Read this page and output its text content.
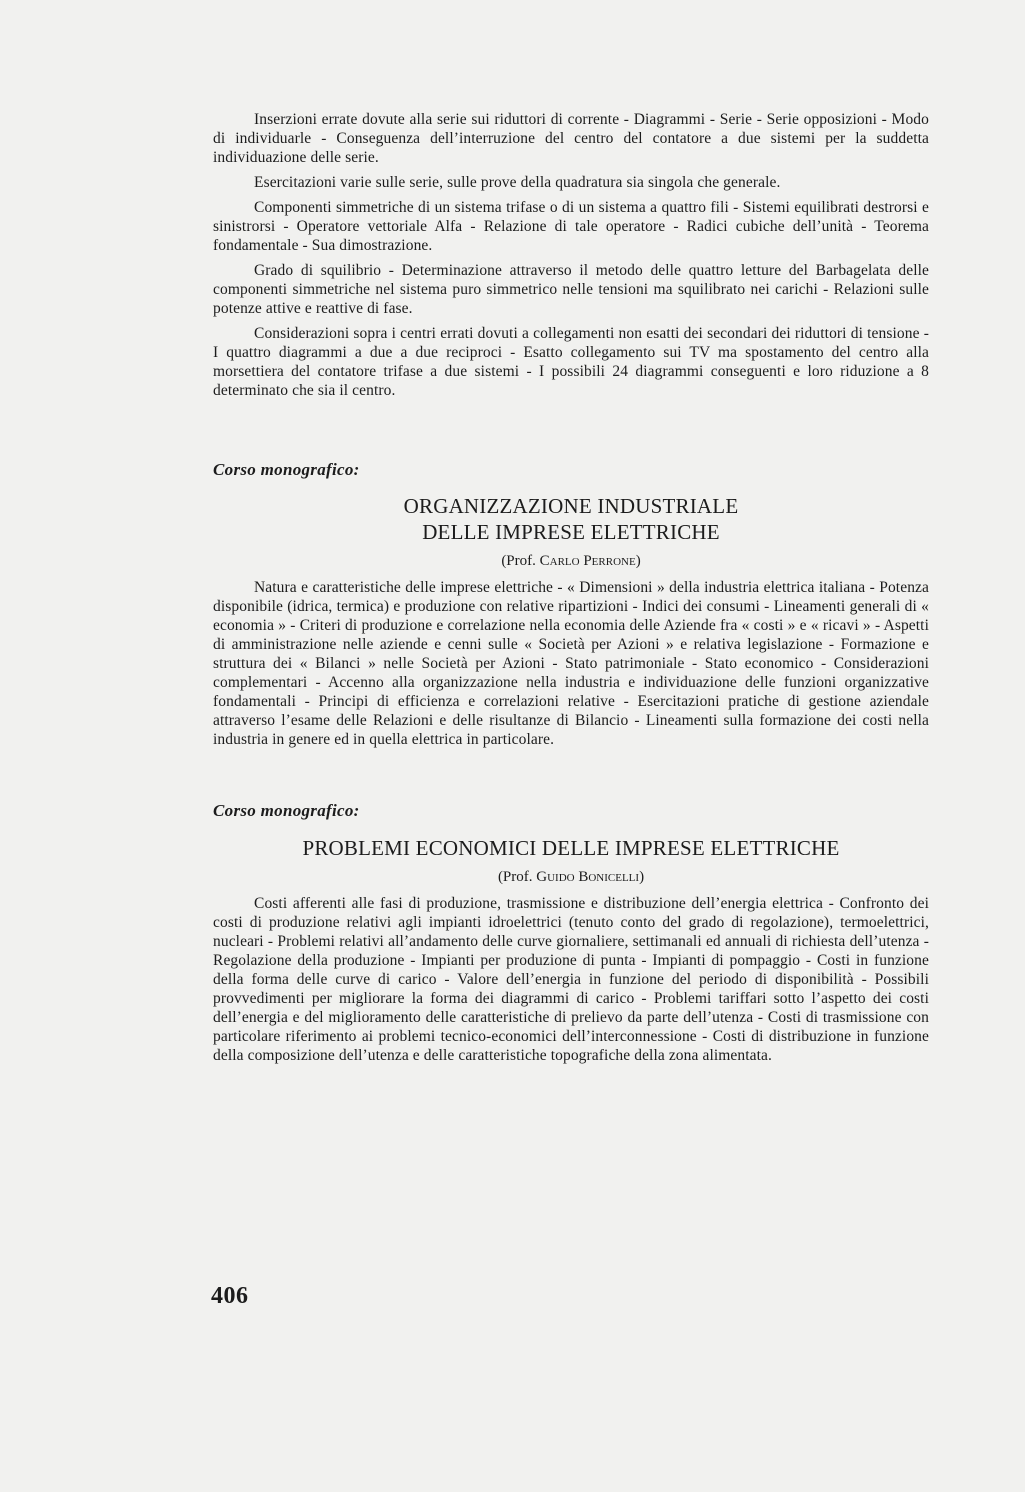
Inserzioni errate dovute alla serie sui riduttori di corrente - Diagrammi - Serie - Serie opposizioni - Modo di individuarle - Conseguenza dell’interruzione del centro del contatore a due sistemi per la suddetta individuazione delle serie.

Esercitazioni varie sulle serie, sulle prove della quadratura sia singola che generale.

Componenti simmetriche di un sistema trifase o di un sistema a quattro fili - Sistemi equilibrati destrorsi e sinistrorsi - Operatore vettoriale Alfa - Relazione di tale operatore - Radici cubiche dell’unità - Teorema fondamentale - Sua dimostrazione.

Grado di squilibrio - Determinazione attraverso il metodo delle quattro letture del Barbagelata delle componenti simmetriche nel sistema puro simmetrico nelle tensioni ma squilibrato nei carichi - Relazioni sulle potenze attive e reattive di fase.

Considerazioni sopra i centri errati dovuti a collegamenti non esatti dei secondari dei riduttori di tensione - I quattro diagrammi a due a due reciproci - Esatto collegamento sui TV ma spostamento del centro alla morsettiera del contatore trifase a due sistemi - I possibili 24 diagrammi conseguenti e loro riduzione a 8 determinato che sia il centro.

Corso monografico:

ORGANIZZAZIONE INDUSTRIALE
DELLE IMPRESE ELETTRICHE

(Prof. Carlo Perrone)

Natura e caratteristiche delle imprese elettriche - « Dimensioni » della industria elettrica italiana - Potenza disponibile (idrica, termica) e produzione con relative ripartizioni - Indici dei consumi - Lineamenti generali di « economia » - Criteri di produzione e correlazione nella economia delle Aziende fra « costi » e « ricavi » - Aspetti di amministrazione nelle aziende e cenni sulle « Società per Azioni » e relativa legislazione - Formazione e struttura dei « Bilanci » nelle Società per Azioni - Stato patrimoniale - Stato economico - Considerazioni complementari - Accenno alla organizzazione nella industria e individuazione delle funzioni organizzative fondamentali - Principi di efficienza e correlazioni relative - Esercitazioni pratiche di gestione aziendale attraverso l’esame delle Relazioni e delle risultanze di Bilancio - Lineamenti sulla formazione dei costi nella industria in genere ed in quella elettrica in particolare.

Corso monografico:

PROBLEMI ECONOMICI DELLE IMPRESE ELETTRICHE

(Prof. Guido Bonicelli)

Costi afferenti alle fasi di produzione, trasmissione e distribuzione dell’energia elettrica - Confronto dei costi di produzione relativi agli impianti idroelettrici (tenuto conto del grado di regolazione), termoelettrici, nucleari - Problemi relativi all’andamento delle curve giornaliere, settimanali ed annuali di richiesta dell’utenza - Regolazione della produzione - Impianti per produzione di punta - Impianti di pompaggio - Costi in funzione della forma delle curve di carico - Valore dell’energia in funzione del periodo di disponibilità - Possibili provvedimenti per migliorare la forma dei diagrammi di carico - Problemi tariffari sotto l’aspetto dei costi dell’energia e del miglioramento delle caratteristiche di prelievo da parte dell’utenza - Costi di trasmissione con particolare riferimento ai problemi tecnico-economici dell’interconnessione - Costi di distribuzione in funzione della composizione dell’utenza e delle caratteristiche topografiche della zona alimentata.

406
